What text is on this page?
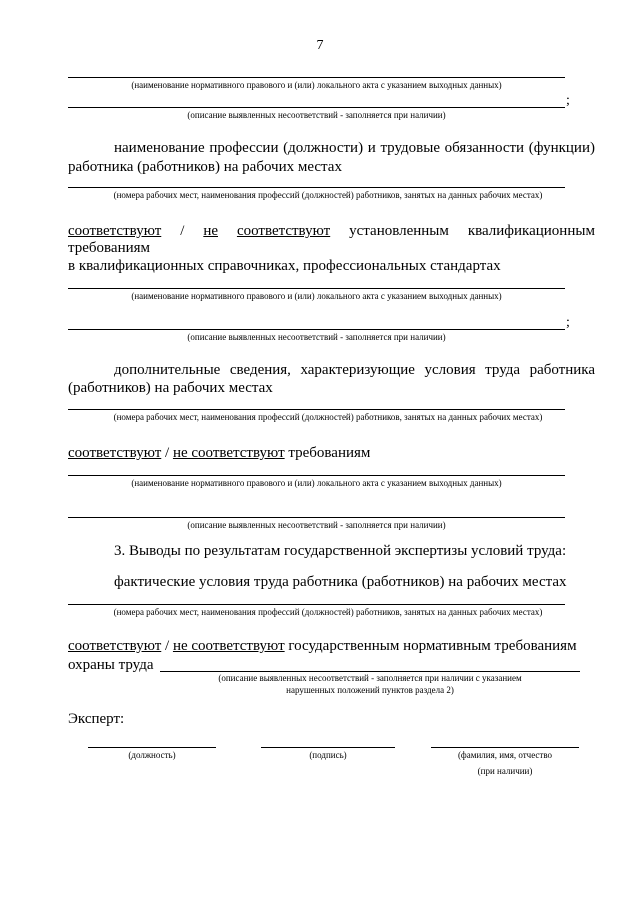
7
(наименование нормативного правового и (или) локального акта с указанием выходных данных)
;
(описание выявленных несоответствий - заполняется при наличии)
наименование профессии (должности) и трудовые обязанности (функции)
работника (работников) на рабочих местах
(номера рабочих мест, наименования профессий (должностей) работников, занятых на данных рабочих местах)
соответствуют / не соответствуют установленным квалификационным
требованиям
в квалификационных справочниках, профессиональных стандартах
(наименование нормативного правового и (или) локального акта с указанием выходных данных)
;
(описание выявленных несоответствий - заполняется при наличии)
дополнительные сведения, характеризующие условия труда работника
(работников) на рабочих местах
(номера рабочих мест, наименования профессий (должностей) работников, занятых на данных рабочих местах)
соответствуют / не соответствуют требованиям
(наименование нормативного правового и (или) локального акта с указанием выходных данных)
(описание выявленных несоответствий - заполняется при наличии)
3. Выводы по результатам государственной экспертизы условий труда:
фактические условия труда работника (работников) на рабочих местах
(номера рабочих мест, наименования профессий (должностей) работников, занятых на данных рабочих местах)
соответствуют / не соответствуют государственным нормативным требованиям
охраны труда
(описание выявленных несоответствий - заполняется при наличии с указанием
нарушенных положений пунктов раздела 2)
Эксперт:
(должность)	(подпись)	(фамилия, имя, отчество
(при наличии)
